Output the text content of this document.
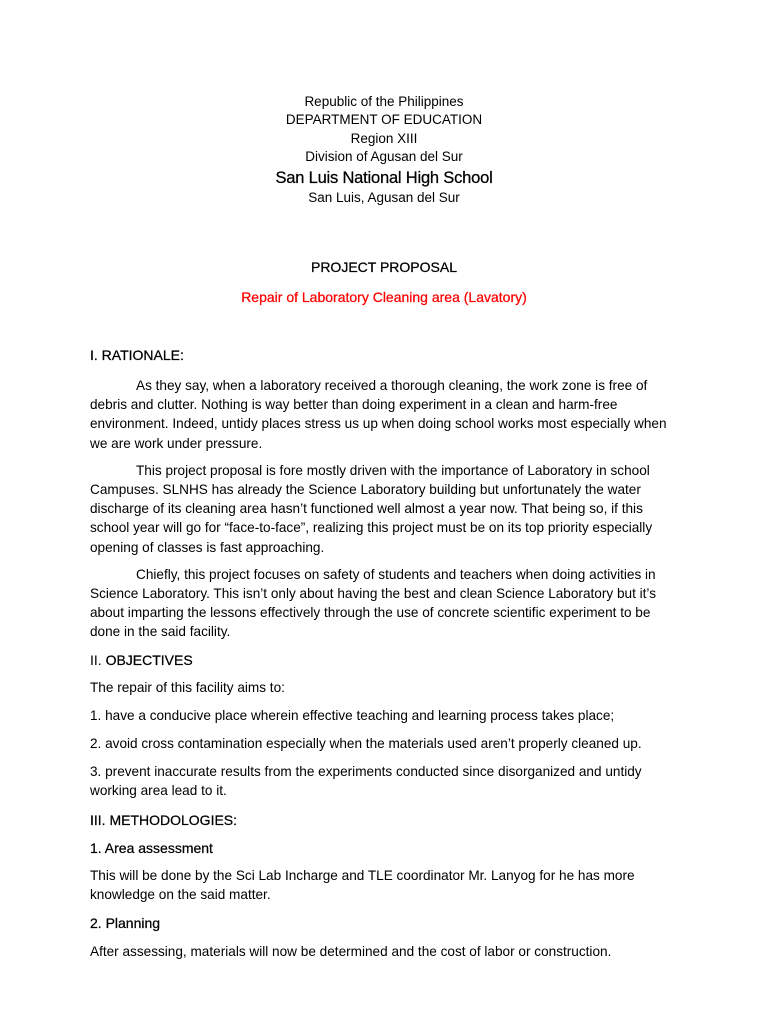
Republic of the Philippines
DEPARTMENT OF EDUCATION
Region XIII
Division of Agusan del Sur
San Luis National High School
San Luis, Agusan del Sur
PROJECT PROPOSAL
Repair of Laboratory Cleaning area (Lavatory)
I. RATIONALE:

As they say, when a laboratory received a thorough cleaning, the work zone is free of debris and clutter. Nothing is way better than doing experiment in a clean and harm-free environment. Indeed, untidy places stress us up when doing school works most especially when we are work under pressure.

This project proposal is fore mostly driven with the importance of Laboratory in school Campuses. SLNHS has already the Science Laboratory building but unfortunately the water discharge of its cleaning area hasn’t functioned well almost a year now. That being so, if this school year will go for “face-to-face”, realizing this project must be on its top priority especially opening of classes is fast approaching.

Chiefly, this project focuses on safety of students and teachers when doing activities in Science Laboratory. This isn’t only about having the best and clean Science Laboratory but it’s about imparting the lessons effectively through the use of concrete scientific experiment to be done in the said facility.

II. OBJECTIVES

The repair of this facility aims to:

1. have a conducive place wherein effective teaching and learning process takes place;

2. avoid cross contamination especially when the materials used aren’t properly cleaned up.

3. prevent inaccurate results from the experiments conducted since disorganized and untidy working area lead to it.

III. METHODOLOGIES:
1. Area assessment

This will be done by the Sci Lab Incharge and TLE coordinator Mr. Lanyog for he has more knowledge on the said matter.

2. Planning

After assessing, materials will now be determined and the cost of labor or construction.
